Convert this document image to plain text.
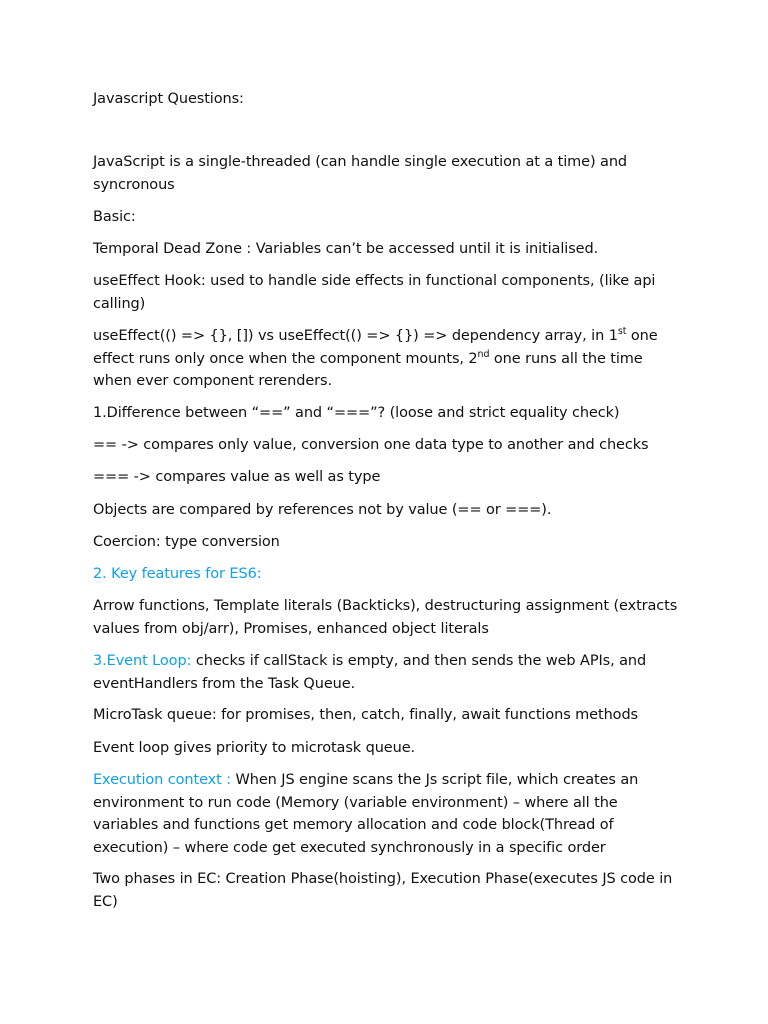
Javascript Questions:

JavaScript is a single-threaded (can handle single execution at a time) and syncronous

Basic:

Temporal Dead Zone : Variables can’t be accessed until it is initialised.

useEffect Hook: used to handle side effects in functional components, (like api calling)

useEffect(() => {}, []) vs useEffect(() => {}) => dependency array, in 1st one effect runs only once when the component mounts, 2nd one runs all the time when ever component rerenders.

1.Difference between “==” and “===”? (loose and strict equality check)

== -> compares only value, conversion one data type to another and checks

=== -> compares value as well as type

Objects are compared by references not by value (== or ===).

Coercion: type conversion

2. Key features for ES6:

Arrow functions, Template literals (Backticks), destructuring assignment (extracts values from obj/arr), Promises, enhanced object literals

3.Event Loop: checks if callStack is empty, and then sends the web APIs, and eventHandlers from the Task Queue.

MicroTask queue: for promises, then, catch, finally, await functions methods

Event loop gives priority to microtask queue.

Execution context : When JS engine scans the Js script file, which creates an environment to run code (Memory (variable environment) – where all the variables and functions get memory allocation and code block(Thread of execution) – where code get executed synchronously in a specific order

Two phases in EC: Creation Phase(hoisting), Execution Phase(executes JS code in EC)
